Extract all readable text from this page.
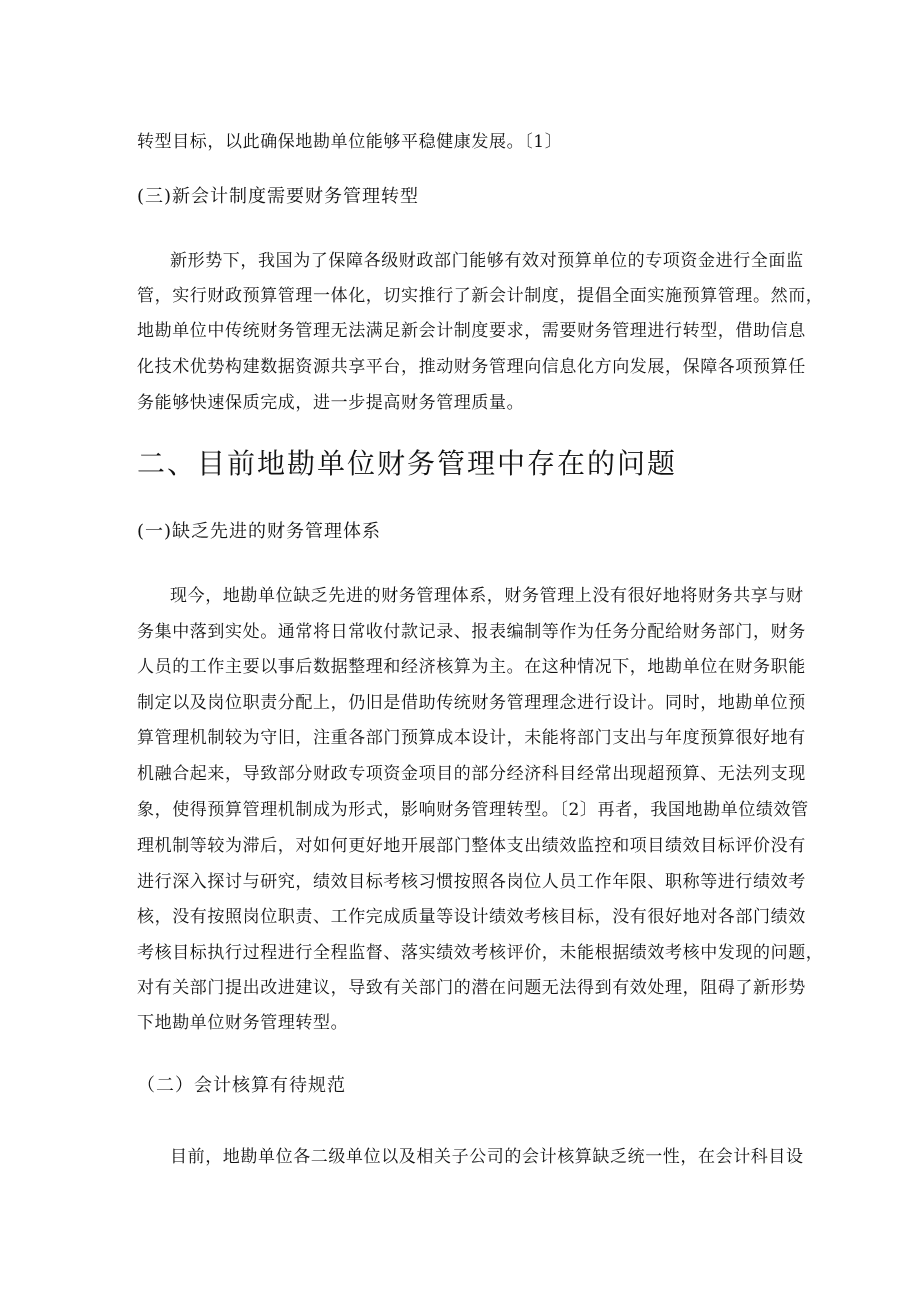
转型目标，以此确保地勘单位能够平稳健康发展。〔1〕
(三)新会计制度需要财务管理转型
新形势下，我国为了保障各级财政部门能够有效对预算单位的专项资金进行全面监
管，实行财政预算管理一体化，切实推行了新会计制度，提倡全面实施预算管理。然而，
地勘单位中传统财务管理无法满足新会计制度要求，需要财务管理进行转型，借助信息
化技术优势构建数据资源共享平台，推动财务管理向信息化方向发展，保障各项预算任
务能够快速保质完成，进一步提高财务管理质量。
二、目前地勘单位财务管理中存在的问题
(一)缺乏先进的财务管理体系
现今，地勘单位缺乏先进的财务管理体系，财务管理上没有很好地将财务共享与财
务集中落到实处。通常将日常收付款记录、报表编制等作为任务分配给财务部门，财务
人员的工作主要以事后数据整理和经济核算为主。在这种情况下，地勘单位在财务职能
制定以及岗位职责分配上，仍旧是借助传统财务管理理念进行设计。同时，地勘单位预
算管理机制较为守旧，注重各部门预算成本设计，未能将部门支出与年度预算很好地有
机融合起来，导致部分财政专项资金项目的部分经济科目经常出现超预算、无法列支现
象，使得预算管理机制成为形式，影响财务管理转型。〔2〕再者，我国地勘单位绩效管
理机制等较为滞后，对如何更好地开展部门整体支出绩效监控和项目绩效目标评价没有
进行深入探讨与研究，绩效目标考核习惯按照各岗位人员工作年限、职称等进行绩效考
核，没有按照岗位职责、工作完成质量等设计绩效考核目标，没有很好地对各部门绩效
考核目标执行过程进行全程监督、落实绩效考核评价，未能根据绩效考核中发现的问题，
对有关部门提出改进建议，导致有关部门的潜在问题无法得到有效处理，阻碍了新形势
下地勘单位财务管理转型。
（二）会计核算有待规范
目前，地勘单位各二级单位以及相关子公司的会计核算缺乏统一性，在会计科目设
